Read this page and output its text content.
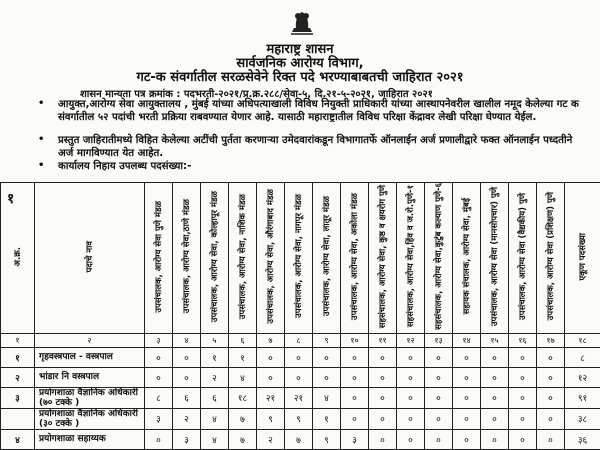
महाराष्ट्र शासन
सार्वजनिक आरोग्य विभाग,
गट-क संवर्गातील सरळसेवेने रिक्त पदे भरण्याबाबतची जाहिरात २०२१
शासन मान्यता पत्र क्रमांक : पदभरती-२०२१/प्र.क्र.२८८/सेवा-५, दि.२१-५-२०२१, जाहिरात २०२१
• आयुक्त,आरोग्य सेवा आयुक्तालय , मुंबई यांच्या अधिपत्याखाली विविध नियुक्ती प्राधिकारी यांच्या आस्थापनेवरील खालील नमूद केलेल्या गट क संवर्गातील ५२ पदांची भरती प्रक्रिया राबवण्यात येणार आहे. यासाठी महाराष्ट्रातील विविध परिक्षा केंद्रावर लेखी परिक्षा घेण्यात येईल.
• प्रस्तुत जाहिरातीमध्ये विहित केलेल्या अटींची पुर्तता करणाऱ्या उमेदवारांकडून विभागातर्फे ऑनलाईन अर्ज प्रणालीद्वारे फक्त ऑनलाईन पध्दतीने अर्ज मागविण्यात येत आहेत.
• कार्यालय निहाय उपलब्ध पदसंख्या:-
अ.क्र.
१	पदाचे नाव	उपसंचालक, आरोग्य सेवा पुणे मंडळ	उपसंचालक, आरोग्य सेवा,ठाणे मंडळ	उपसंचालक, आरोग्य सेवा, कोल्हापूर मंडळ	उपसंचालक, आरोग्य सेवा, नाशिक मंडळ	उपसंचालक, आरोग्य सेवा, औरंगाबाद मंडळ	उपसंचालक, आरोग्य सेवा, नागपूर मंडळ	उपसंचालक, आरोग्य सेवा, लातूर मंडळ	उपसंचालक, आरोग्य सेवा, अकोला मंडळ	सहसंचालक, आरोग्य सेवा, कुष्ठ व क्षयरोग पुणे	सहसंचालक, आरोग्य सेवा,हिंव व ज.रो.पुणे-१	सहसंचालक, आरोग्य सेवा,कुटुंब कल्याण पुणे-६	सहायक संचालक, आरोग्य सेवा, मुंबई	उपसंचालक, आरोग्य सेवा (मानसोपचार) पुणे	उपसंचालक, आरोग्य सेवा (वैद्यकीय) पुणे	उपसंचालक, आरोग्य सेवा (प्रशिक्षण) पुणे	एकूण पदसंख्या
१	२	३	४	५	६	७	८	९	१०	११	१२	१३	१४	१५	१६	१७	१८
१	गृहवस्त्रपाल - वस्त्रपाल	०	०	१	१	०	०	०	०	०	०	०	०	०	०	०	८
२	भांडार नि वस्त्रपाल	०	०	२	४	०	०	०	०	०	०	०	०	०	०	०	१२
३	प्रयोगशाळा वैज्ञानिक अधिकारी (७० टक्के )	८	६	६	१८	२१	२१	४	०	०	०	०	०	०	०	०	९१
	प्रयोगशाळा वैज्ञानिक अधिकारी (३० टक्के )	३	२	४	७	९	९	१	०	०	०	०	०	०	०	०	३८
४	प्रयोगशाळा सहाय्यक	०	३	४	७	२	७	९	३	०	०	०	०	०	०	०	३६
